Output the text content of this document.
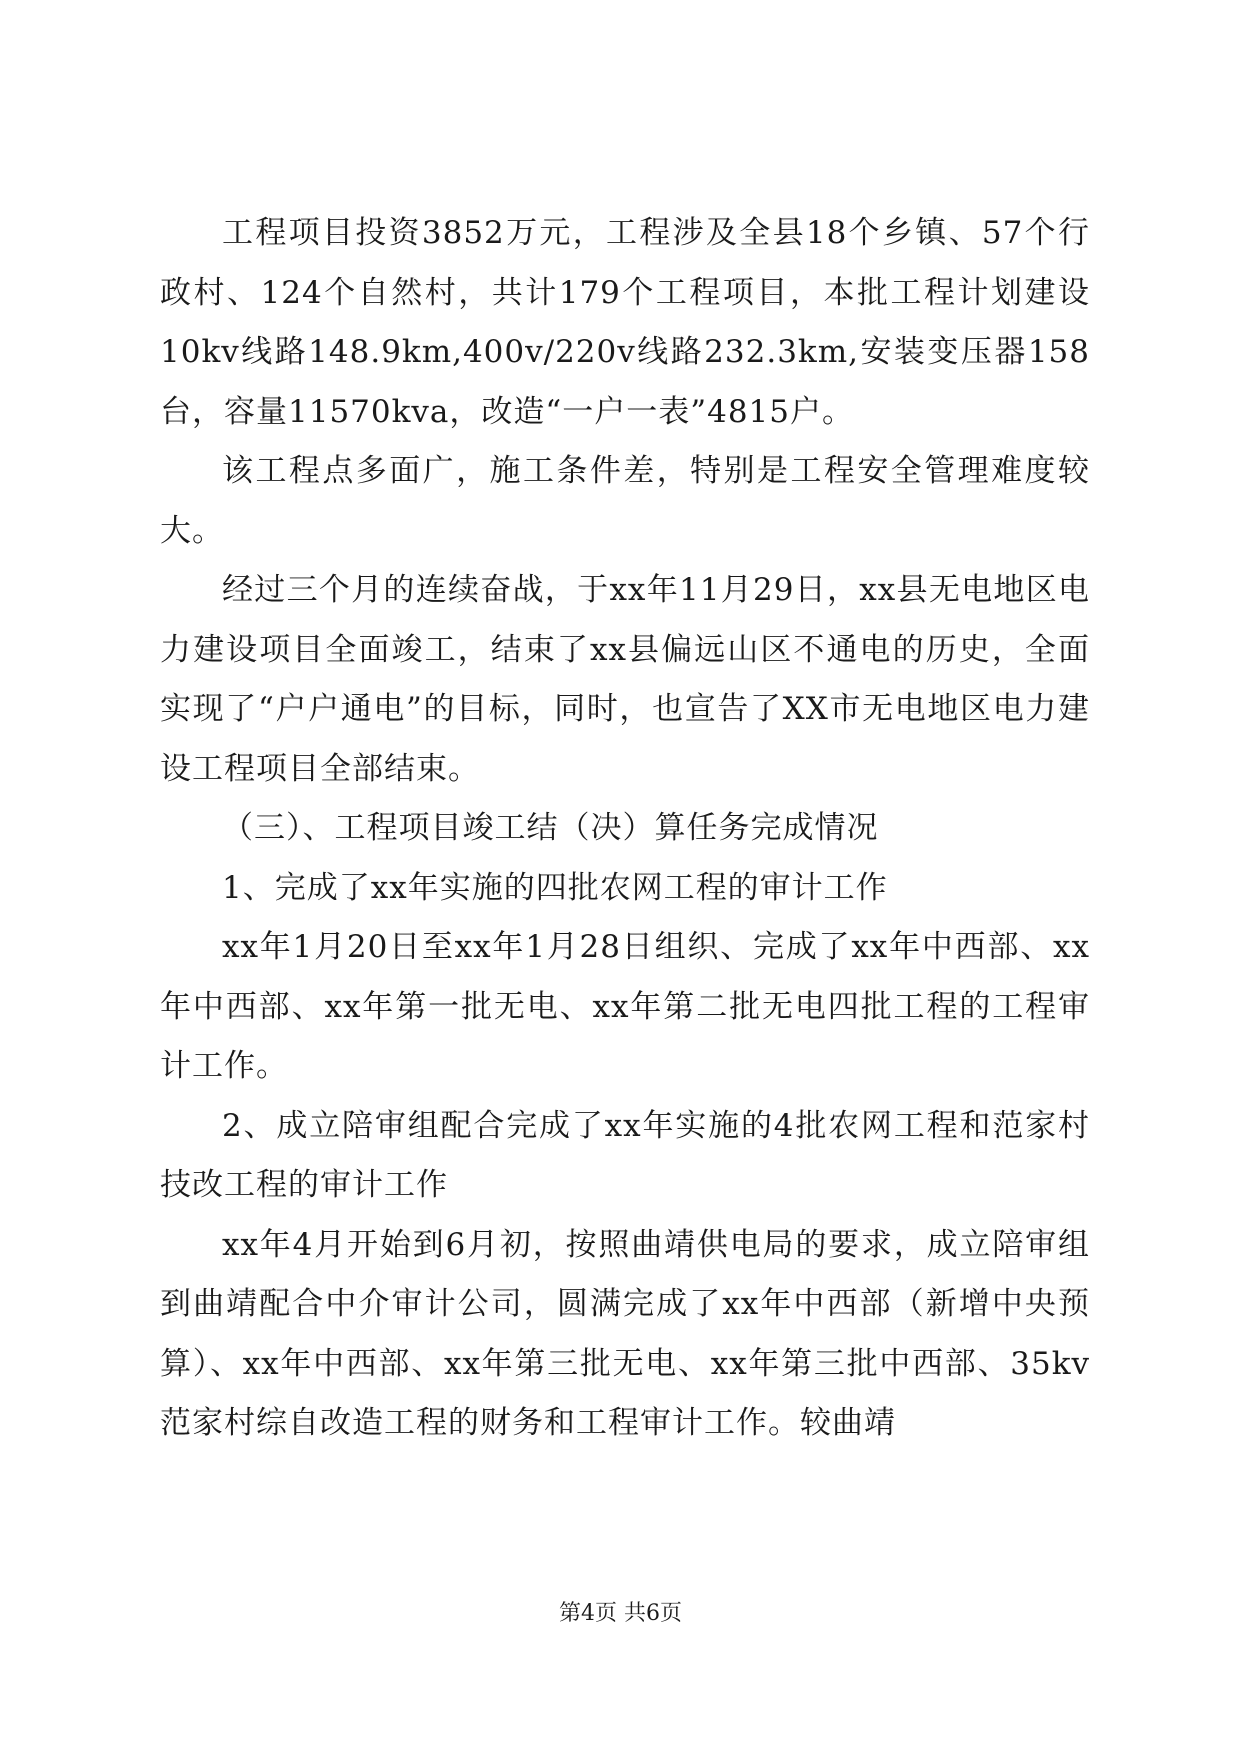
工程项目投资3852万元，工程涉及全县18个乡镇、57个行政村、124个自然村，共计179个工程项目，本批工程计划建设10kv线路148.9km,400v/220v线路232.3km,安装变压器158台，容量11570kva，改造“一户一表”4815户。

该工程点多面广，施工条件差，特别是工程安全管理难度较大。

经过三个月的连续奋战，于xx年11月29日，xx县无电地区电力建设项目全面竣工，结束了xx县偏远山区不通电的历史，全面实现了“户户通电”的目标，同时，也宣告了XX市无电地区电力建设工程项目全部结束。

（三）、工程项目竣工结（决）算任务完成情况

1、完成了xx年实施的四批农网工程的审计工作

xx年1月20日至xx年1月28日组织、完成了xx年中西部、xx年中西部、xx年第一批无电、xx年第二批无电四批工程的工程审计工作。

2、成立陪审组配合完成了xx年实施的4批农网工程和范家村技改工程的审计工作

xx年4月开始到6月初，按照曲靖供电局的要求，成立陪审组到曲靖配合中介审计公司，圆满完成了xx年中西部（新增中央预算）、xx年中西部、xx年第三批无电、xx年第三批中西部、35kv范家村综自改造工程的财务和工程审计工作。较曲靖

第4页 共6页
